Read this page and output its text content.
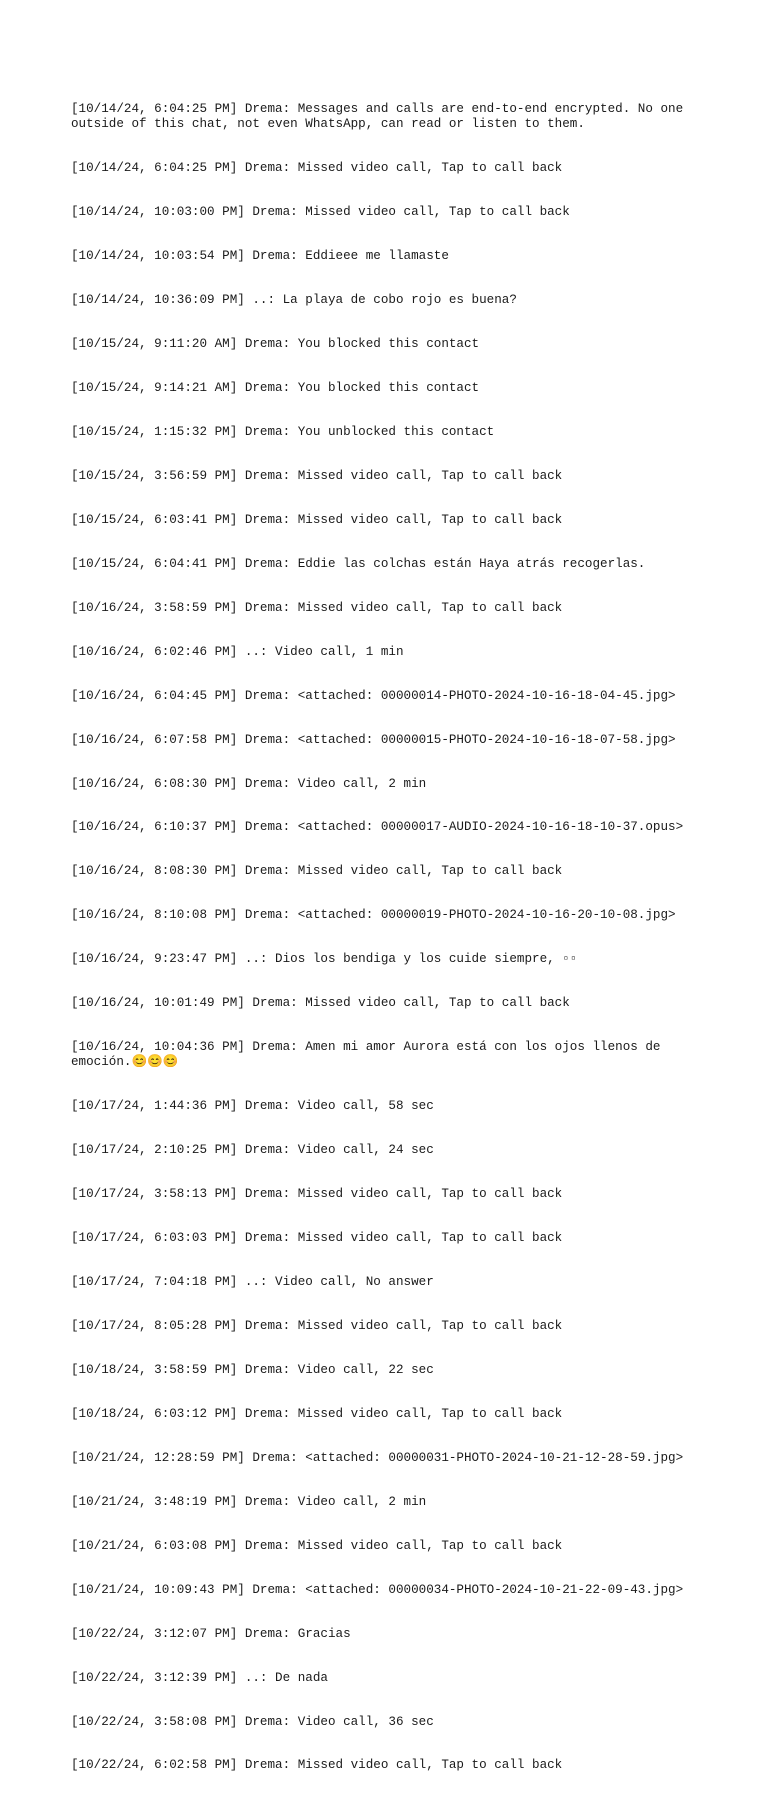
[10/14/24, 6:04:25 PM] Drema: Messages and calls are end-to-end encrypted. No one outside of this chat, not even WhatsApp, can read or listen to them.

[10/14/24, 6:04:25 PM] Drema: Missed video call, Tap to call back

[10/14/24, 10:03:00 PM] Drema: Missed video call, Tap to call back

[10/14/24, 10:03:54 PM] Drema: Eddieee me llamaste

[10/14/24, 10:36:09 PM] ..: La playa de cobo rojo es buena?

[10/15/24, 9:11:20 AM] Drema: You blocked this contact

[10/15/24, 9:14:21 AM] Drema: You blocked this contact

[10/15/24, 1:15:32 PM] Drema: You unblocked this contact

[10/15/24, 3:56:59 PM] Drema: Missed video call, Tap to call back

[10/15/24, 6:03:41 PM] Drema: Missed video call, Tap to call back

[10/15/24, 6:04:41 PM] Drema: Eddie las colchas están Haya atrás recogerlas.

[10/16/24, 3:58:59 PM] Drema: Missed video call, Tap to call back

[10/16/24, 6:02:46 PM] ..: Video call, 1 min

[10/16/24, 6:04:45 PM] Drema: <attached: 00000014-PHOTO-2024-10-16-18-04-45.jpg>

[10/16/24, 6:07:58 PM] Drema: <attached: 00000015-PHOTO-2024-10-16-18-07-58.jpg>

[10/16/24, 6:08:30 PM] Drema: Video call, 2 min

[10/16/24, 6:10:37 PM] Drema: <attached: 00000017-AUDIO-2024-10-16-18-10-37.opus>

[10/16/24, 8:08:30 PM] Drema: Missed video call, Tap to call back

[10/16/24, 8:10:08 PM] Drema: <attached: 00000019-PHOTO-2024-10-16-20-10-08.jpg>

[10/16/24, 9:23:47 PM] ..: Dios los bendiga y los cuide siempre, ▫▫

[10/16/24, 10:01:49 PM] Drema: Missed video call, Tap to call back

[10/16/24, 10:04:36 PM] Drema: Amen mi amor Aurora está con los ojos llenos de emoción.😊😊😊

[10/17/24, 1:44:36 PM] Drema: Video call, 58 sec

[10/17/24, 2:10:25 PM] Drema: Video call, 24 sec

[10/17/24, 3:58:13 PM] Drema: Missed video call, Tap to call back

[10/17/24, 6:03:03 PM] Drema: Missed video call, Tap to call back

[10/17/24, 7:04:18 PM] ..: Video call, No answer

[10/17/24, 8:05:28 PM] Drema: Missed video call, Tap to call back

[10/18/24, 3:58:59 PM] Drema: Video call, 22 sec

[10/18/24, 6:03:12 PM] Drema: Missed video call, Tap to call back

[10/21/24, 12:28:59 PM] Drema: <attached: 00000031-PHOTO-2024-10-21-12-28-59.jpg>

[10/21/24, 3:48:19 PM] Drema: Video call, 2 min

[10/21/24, 6:03:08 PM] Drema: Missed video call, Tap to call back

[10/21/24, 10:09:43 PM] Drema: <attached: 00000034-PHOTO-2024-10-21-22-09-43.jpg>

[10/22/24, 3:12:07 PM] Drema: Gracias

[10/22/24, 3:12:39 PM] ..: De nada

[10/22/24, 3:58:08 PM] Drema: Video call, 36 sec

[10/22/24, 6:02:58 PM] Drema: Missed video call, Tap to call back
